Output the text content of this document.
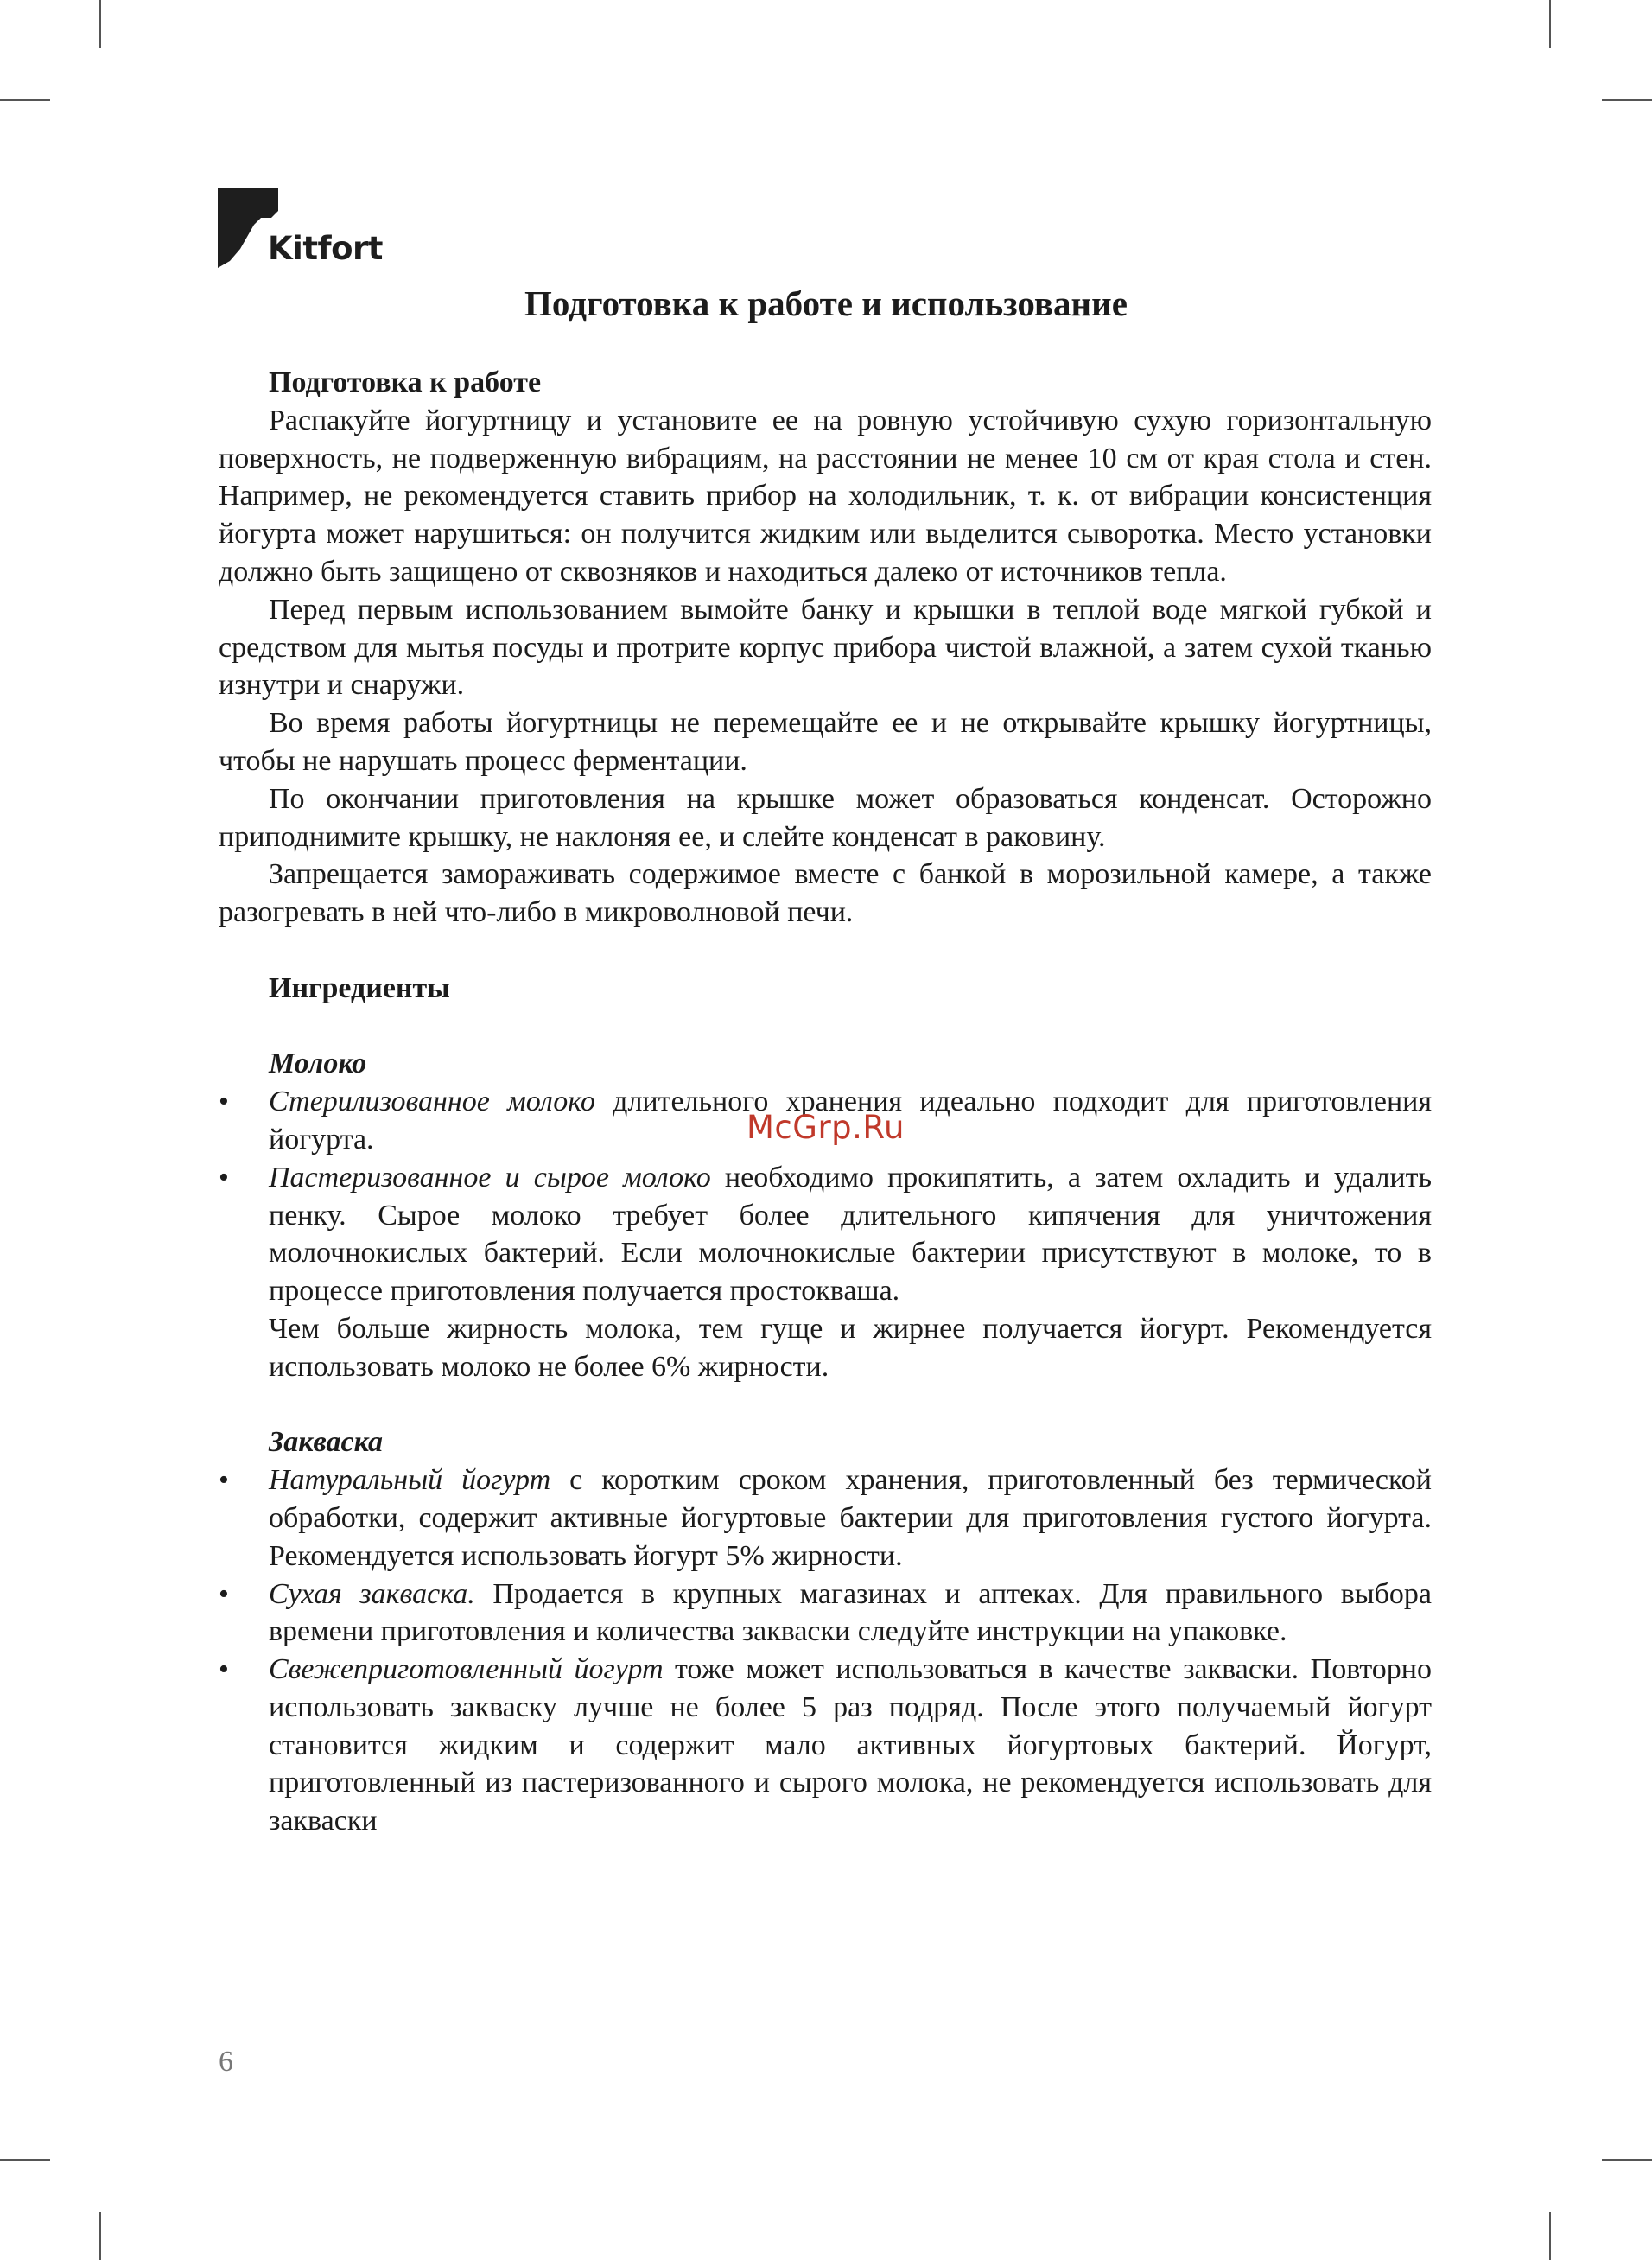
Kitfort
Подготовка к работе и использование

Подготовка к работе

Распакуйте йогуртницу и установите ее на ровную устойчивую сухую горизонтальную поверхность, не подверженную вибрациям, на расстоянии не менее 10 см от края стола и стен. Например, не рекомендуется ставить прибор на холодильник, т. к. от вибрации консистенция йогурта может нарушиться: он получится жидким или выделится сыворотка. Место установки должно быть защищено от сквозняков и находиться далеко от источников тепла.

Перед первым использованием вымойте банку и крышки в теплой воде мягкой губкой и средством для мытья посуды и протрите корпус прибора чистой влажной, а затем сухой тканью изнутри и снаружи.

Во время работы йогуртницы не перемещайте ее и не открывайте крышку йогуртницы, чтобы не нарушать процесс ферментации.

По окончании приготовления на крышке может образоваться конденсат. Осторожно приподнимите крышку, не наклоняя ее, и слейте конденсат в раковину.

Запрещается замораживать содержимое вместе с банкой в морозильной камере, а также разогревать в ней что-либо в микроволновой печи.

Ингредиенты

Молоко

• Стерилизованное молоко длительного хранения идеально подходит для приготовления йогурта.
• Пастеризованное и сырое молоко необходимо прокипятить, а затем охладить и удалить пенку. Сырое молоко требует более длительного кипячения для уничтожения молочнокислых бактерий. Если молочнокислые бактерии присутствуют в молоке, то в процессе приготовления получается простокваша.

Чем больше жирность молока, тем гуще и жирнее получается йогурт. Рекомендуется использовать молоко не более 6% жирности.

Закваска

• Натуральный йогурт с коротким сроком хранения, приготовленный без термической обработки, содержит активные йогуртовые бактерии для приготовления густого йогурта. Рекомендуется использовать йогурт 5% жирности.
• Сухая закваска. Продается в крупных магазинах и аптеках. Для правильного выбора времени приготовления и количества закваски следуйте инструкции на упаковке.
• Свежеприготовленный йогурт тоже может использоваться в качестве закваски. Повторно использовать закваску лучше не более 5 раз подряд. После этого получаемый йогурт становится жидким и содержит мало активных йогуртовых бактерий. Йогурт, приготовленный из пастеризованного и сырого молока, не рекомендуется использовать для закваски
McGrp.Ru
6
